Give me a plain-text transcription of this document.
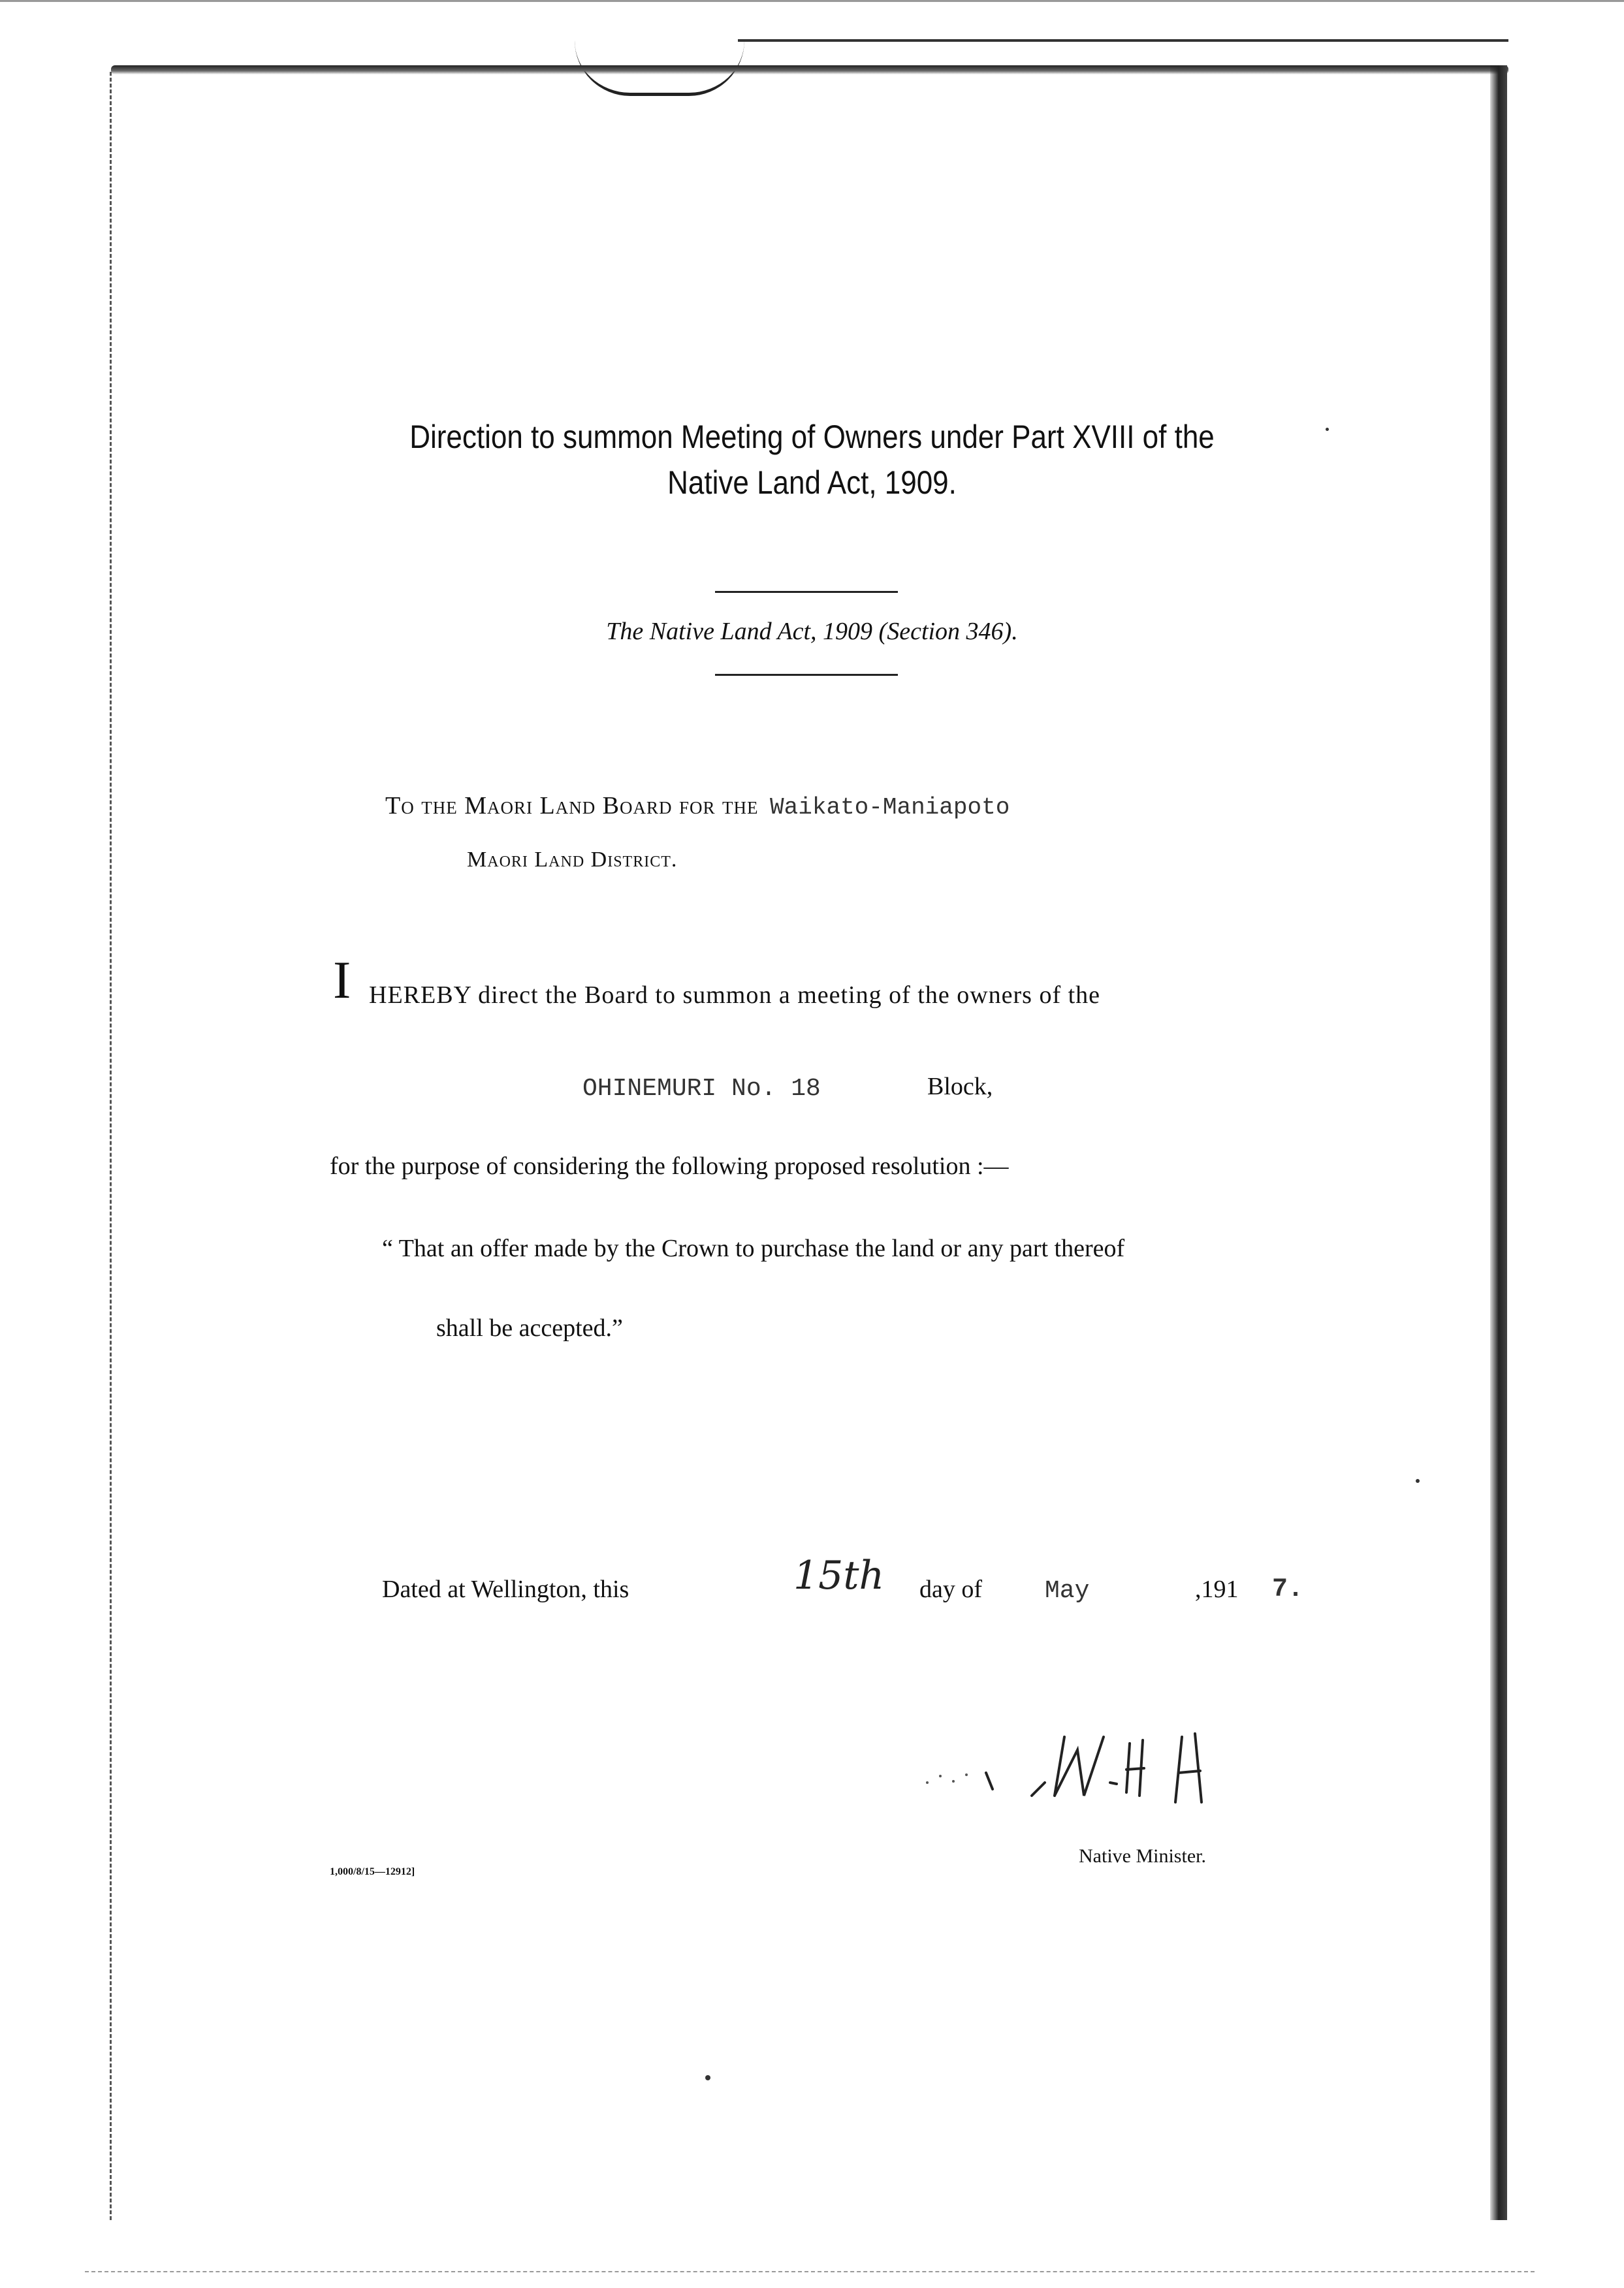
Direction to summon Meeting of Owners under Part XVIII of the
Native Land Act, 1909.
The Native Land Act, 1909 (Section 346).
To the Maori Land Board for the Waikato-Maniapoto
Maori Land District.
I HEREBY direct the Board to summon a meeting of the owners of the
OHINEMURI No. 18	Block,
for the purpose of considering the following proposed resolution :—
“ That an offer made by the Crown to purchase the land or any part thereof
shall be accepted.”
Dated at Wellington, this	15th day of	May	,191 7.
Native Minister.
1,000/8/15—12912]
